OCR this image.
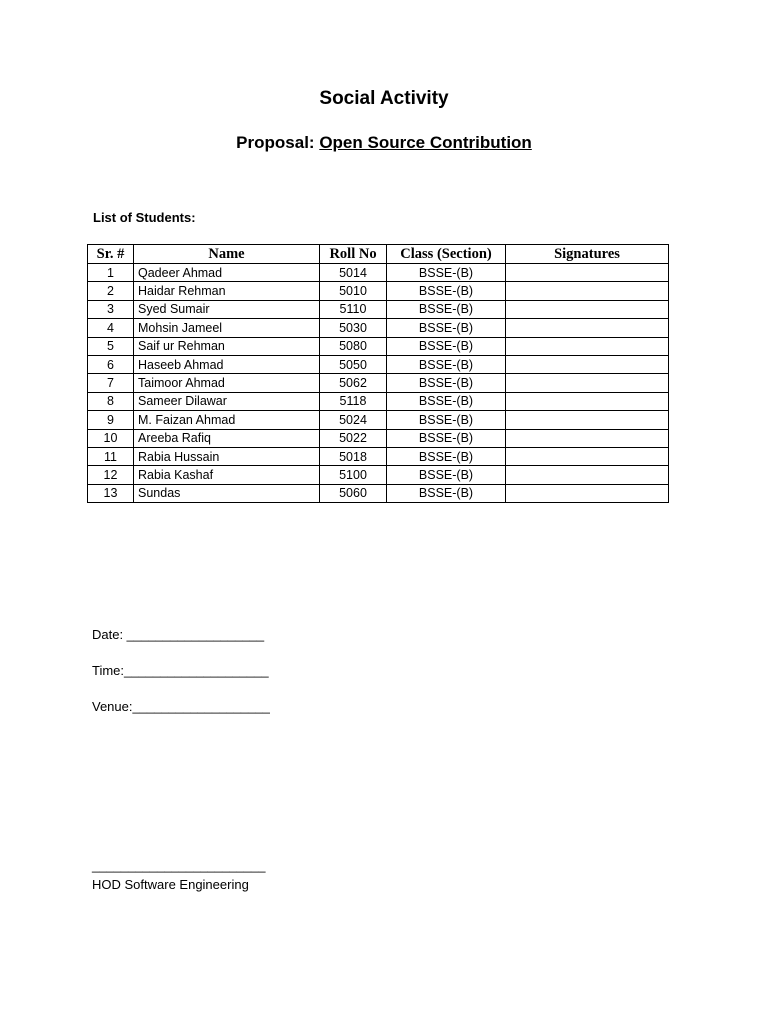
Social Activity
Proposal: Open Source Contribution
List of Students:
Sr. #	Name	Roll No	Class (Section)	Signatures
1	Qadeer Ahmad	5014	BSSE-(B)	
2	Haidar Rehman	5010	BSSE-(B)	
3	Syed Sumair	5110	BSSE-(B)	
4	Mohsin Jameel	5030	BSSE-(B)	
5	Saif ur Rehman	5080	BSSE-(B)	
6	Haseeb Ahmad	5050	BSSE-(B)	
7	Taimoor Ahmad	5062	BSSE-(B)	
8	Sameer Dilawar	5118	BSSE-(B)	
9	M. Faizan Ahmad	5024	BSSE-(B)	
10	Areeba Rafiq	5022	BSSE-(B)	
11	Rabia Hussain	5018	BSSE-(B)	
12	Rabia Kashaf	5100	BSSE-(B)	
13	Sundas	5060	BSSE-(B)	
Date: ___________________
Time:____________________
Venue:___________________
________________________
HOD Software Engineering
